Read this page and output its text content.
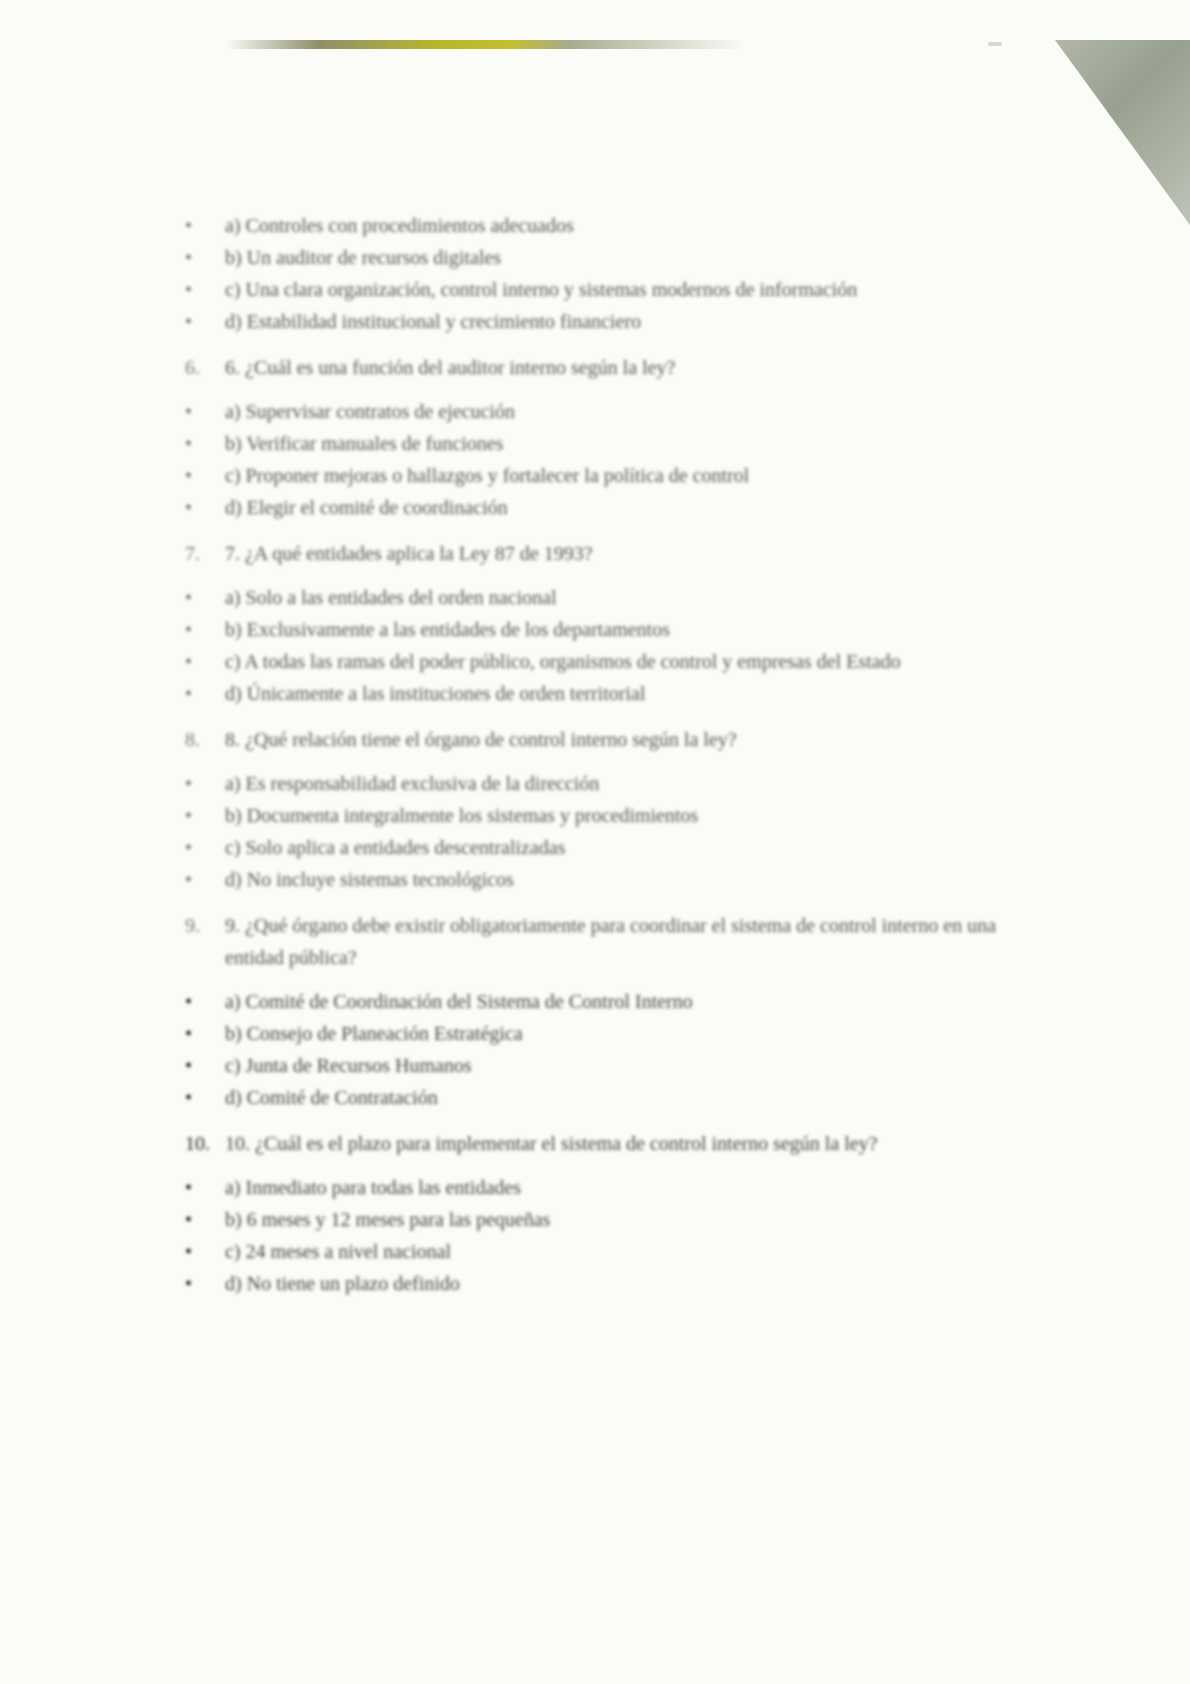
•
a) Controles con procedimientos adecuados
•
b) Un auditor de recursos digitales
•
c) Una clara organización, control interno y sistemas modernos de información
•
d) Estabilidad institucional y crecimiento financiero
6.	6. ¿Cuál es una función del auditor interno según la ley?
•
a) Supervisar contratos de ejecución
•
b) Verificar manuales de funciones
•
c) Proponer mejoras o hallazgos y fortalecer la política de control
•
d) Elegir el comité de coordinación
7.	7. ¿A qué entidades aplica la Ley 87 de 1993?
•
a) Solo a las entidades del orden nacional
•
b) Exclusivamente a las entidades de los departamentos
•
c) A todas las ramas del poder público, organismos de control y empresas del Estado
•
d) Únicamente a las instituciones de orden territorial
8.	8. ¿Qué relación tiene el órgano de control interno según la ley?
•
a) Es responsabilidad exclusiva de la dirección
•
b) Documenta integralmente los sistemas y procedimientos
•
c) Solo aplica a entidades descentralizadas
•
d) No incluye sistemas tecnológicos
9.	9. ¿Qué órgano debe existir obligatoriamente para coordinar el sistema de control interno en una entidad pública?
•
a) Comité de Coordinación del Sistema de Control Interno
•
b) Consejo de Planeación Estratégica
•
c) Junta de Recursos Humanos
•
d) Comité de Contratación
10. 10. ¿Cuál es el plazo para implementar el sistema de control interno según la ley?
•
a) Inmediato para todas las entidades
•
b) 6 meses y 12 meses para las pequeñas
•
c) 24 meses a nivel nacional
•
d) No tiene un plazo definido
